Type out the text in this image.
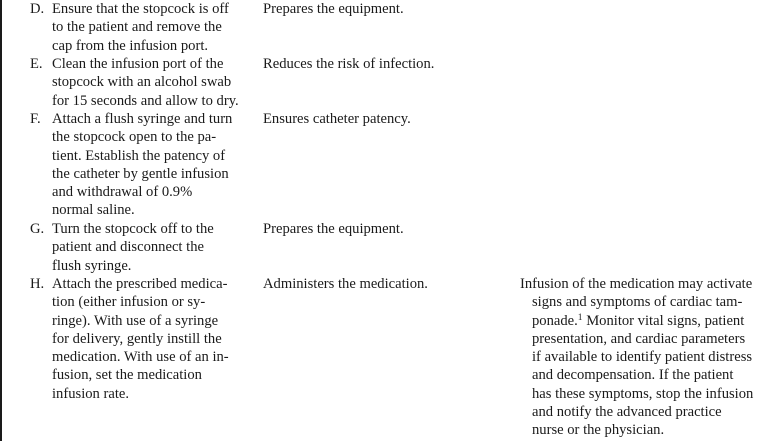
D. Ensure that the stopcock is off
to the patient and remove the
cap from the infusion port.
Prepares the equipment.
E. Clean the infusion port of the
stopcock with an alcohol swab
for 15 seconds and allow to dry.
Reduces the risk of infection.
F. Attach a flush syringe and turn
the stopcock open to the pa-
tient. Establish the patency of
the catheter by gentle infusion
and withdrawal of 0.9%
normal saline.
Ensures catheter patency.
G. Turn the stopcock off to the
patient and disconnect the
flush syringe.
Prepares the equipment.
H. Attach the prescribed medica-
tion (either infusion or sy-
ringe). With use of a syringe
for delivery, gently instill the
medication. With use of an in-
fusion, set the medication
infusion rate.
Administers the medication.	Infusion of the medication may activate
signs and symptoms of cardiac tam-
ponade.$^1$ Monitor vital signs, patient
presentation, and cardiac parameters
if available to identify patient distress
and decompensation. If the patient
has these symptoms, stop the infusion
and notify the advanced practice
nurse or the physician.
